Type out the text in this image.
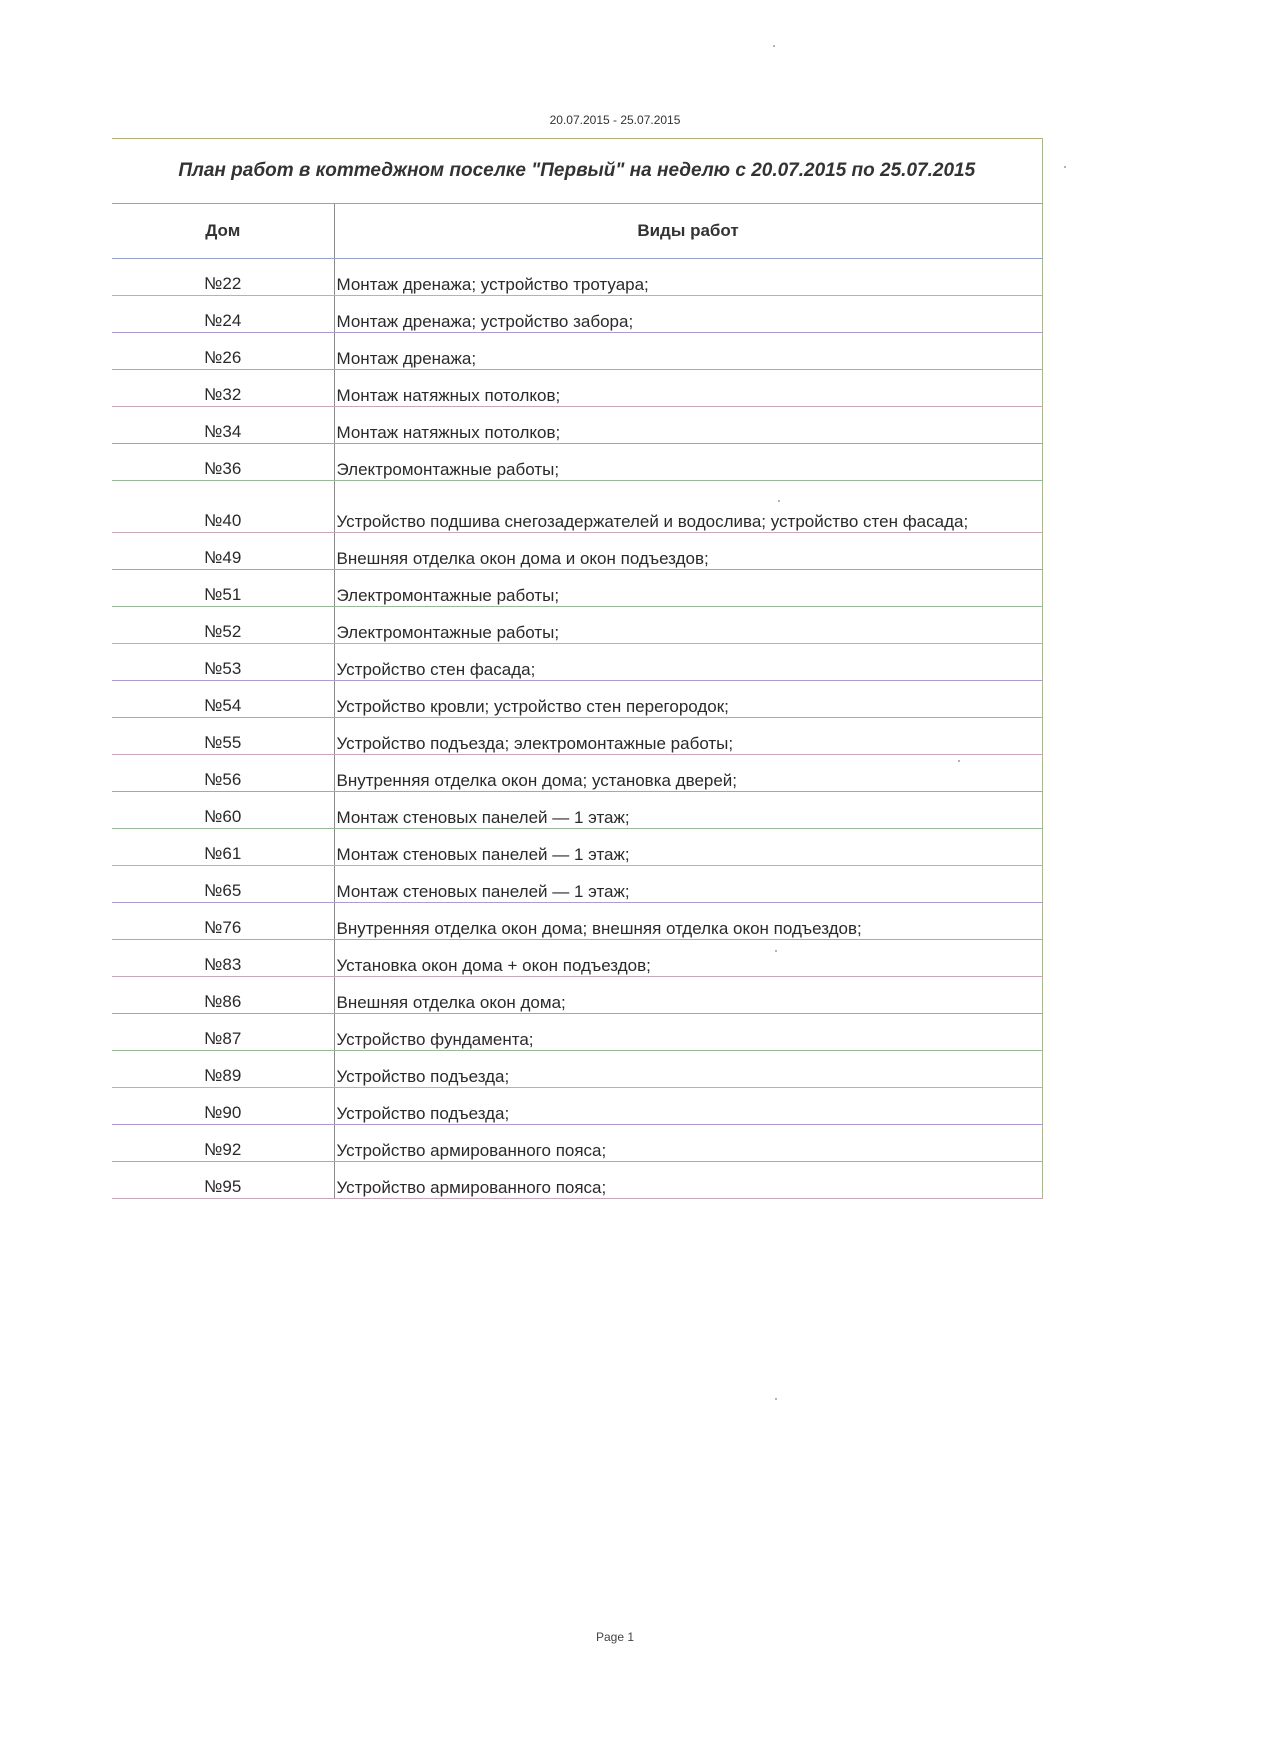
20.07.2015 - 25.07.2015
План работ в коттеджном поселке "Первый" на неделю с 20.07.2015 по 25.07.2015	
Дом	Виды работ
№22	Монтаж дренажа; устройство тротуара;
№24	Монтаж дренажа; устройство забора;
№26	Монтаж дренажа;
№32	Монтаж натяжных потолков;
№34	Монтаж натяжных потолков;
№36	Электромонтажные работы;
№40	Устройство подшива снегозадержателей и водослива; устройство стен фасада;
№49	Внешняя отделка окон дома и окон подъездов;
№51	Электромонтажные работы;
№52	Электромонтажные работы;
№53	Устройство стен фасада;
№54	Устройство кровли; устройство стен перегородок;
№55	Устройство подъезда; электромонтажные работы;
№56	Внутренняя отделка окон дома; установка дверей;
№60	Монтаж стеновых панелей — 1 этаж;
№61	Монтаж стеновых панелей — 1 этаж;
№65	Монтаж стеновых панелей — 1 этаж;
№76	Внутренняя отделка окон дома; внешняя отделка окон подъездов;
№83	Установка окон дома + окон подъездов;
№86	Внешняя отделка окон дома;
№87	Устройство фундамента;
№89	Устройство подъезда;
№90	Устройство подъезда;
№92	Устройство армированного пояса;
№95	Устройство армированного пояса;
Page 1
